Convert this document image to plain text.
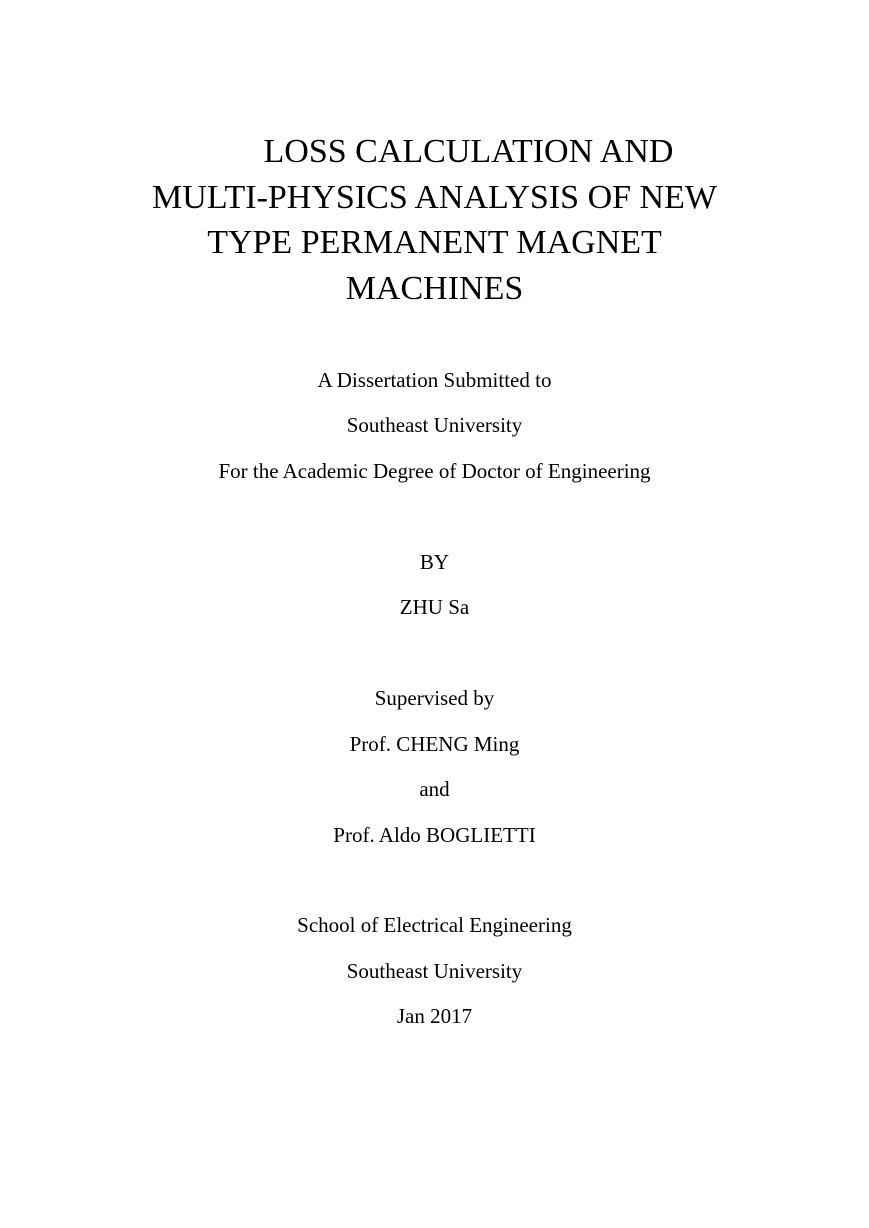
LOSS CALCULATION AND
MULTI-PHYSICS ANALYSIS OF NEW
TYPE PERMANENT MAGNET
MACHINES
A Dissertation Submitted to
Southeast University
For the Academic Degree of Doctor of Engineering
BY
ZHU Sa
Supervised by
Prof. CHENG Ming
and
Prof. Aldo BOGLIETTI
School of Electrical Engineering
Southeast University
Jan 2017
